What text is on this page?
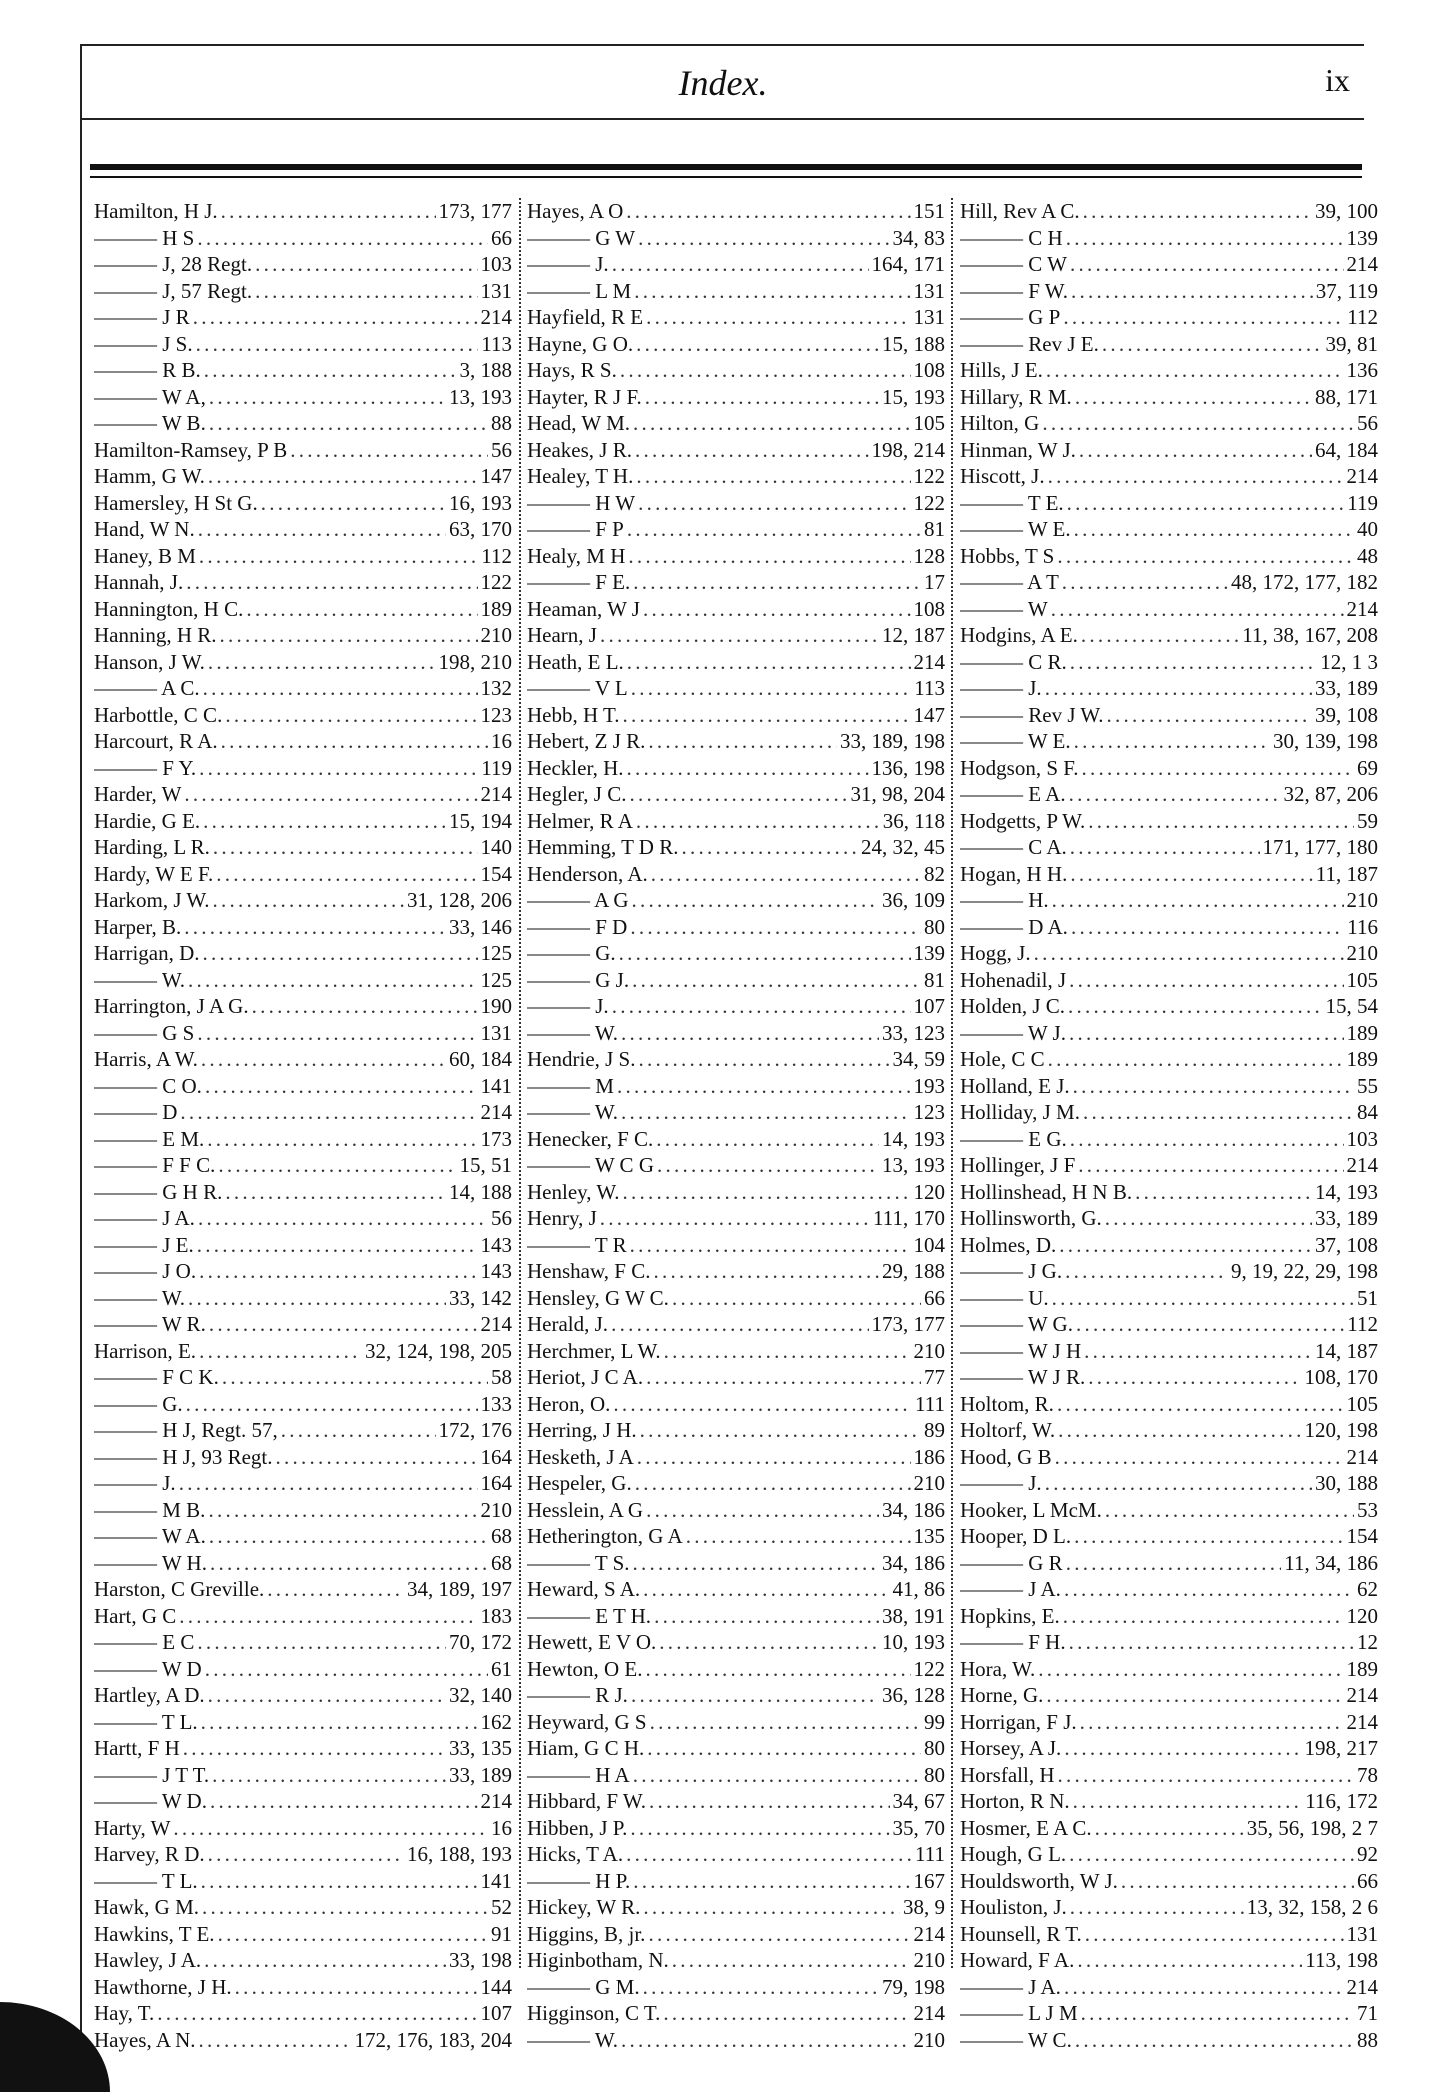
Index.	ix
Hamilton, H J. . . .	173, 177
——— H S . . .	66
——— J, 28 Regt. . . .	103
——— J, 57 Regt. . . .	131
——— J R . . .	214
——— J S. . . .	113
——— R B. . . .	3, 188
——— W A, . . .	13, 193
——— W B. . . .	88
Hamilton-Ramsey, P B . . .	56
Hamm, G W. . . .	147
Hamersley, H St G. . . .	16, 193
Hand, W N. . . .	63, 170
Haney, B M . . .	112
Hannah, J. . . .	122
Hannington, H C. . . .	189
Hanning, H R. . . .	210
Hanson, J W. . . .	198, 210
——— A C. . . .	132
Harbottle, C C. . . .	123
Harcourt, R A. . . .	16
——— F Y. . . .	119
Harder, W . . .	214
Hardie, G E. . . .	15, 194
Harding, L R. . . .	140
Hardy, W E F. . . .	154
Harkom, J W. . . .	31, 128, 206
Harper, B. . . .	33, 146
Harrigan, D. . . .	125
——— W. . . .	125
Harrington, J A G. . . .	190
——— G S . . .	131
Harris, A W. . . .	60, 184
——— C O. . . .	141
——— D . . .	214
——— E M. . . .	173
——— F F C. . . .	15, 51
——— G H R. . . .	14, 188
——— J A. . . .	56
——— J E. . . .	143
——— J O. . . .	143
——— W. . . .	33, 142
——— W R. . . .	214
Harrison, E. . . .	32, 124, 198, 205
——— F C K. . . .	58
——— G. . . .	133
——— H J, Regt. 57, . . .	172, 176
——— H J, 93 Regt. . . .	164
——— J. . . .	164
——— M B. . . .	210
——— W A. . . .	68
——— W H. . . .	68
Harston, C Greville. . . .	34, 189, 197
Hart, G C . . .	183
——— E C . . .	70, 172
——— W D . . .	61
Hartley, A D. . . .	32, 140
——— T L. . . .	162
Hartt, F H . . .	33, 135
——— J T T. . . .	33, 189
——— W D. . . .	214
Harty, W . . .	16
Harvey, R D. . . .	16, 188, 193
——— T L. . . .	141
Hawk, G M. . . .	52
Hawkins, T E. . . .	91
Hawley, J A. . . .	33, 198
Hawthorne, J H. . . .	144
Hay, T. . . .	107
Hayes, A N. . . .	172, 176, 183, 204
Hayes, A O . . .	151
——— G W . . .	34, 83
——— J. . . .	164, 171
——— L M . . .	131
Hayfield, R E . . .	131
Hayne, G O. . . .	15, 188
Hays, R S. . . .	108
Hayter, R J F. . . .	15, 193
Head, W M. . . .	105
Heakes, J R. . . .	198, 214
Healey, T H. . . .	122
——— H W . . .	122
——— F P . . .	81
Healy, M H . . .	128
——— F E. . . .	17
Heaman, W J . . .	108
Hearn, J . . .	12, 187
Heath, E L. . . .	214
——— V L . . .	113
Hebb, H T. . . .	147
Hebert, Z J R. . . .	33, 189, 198
Heckler, H. . . .	136, 198
Hegler, J C. . . .	31, 98, 204
Helmer, R A . . .	36, 118
Hemming, T D R. . . .	24, 32, 45
Henderson, A. . . .	82
——— A G . . .	36, 109
——— F D . . .	80
——— G. . . .	139
——— G J. . . .	81
——— J. . . .	107
——— W. . . .	33, 123
Hendrie, J S. . . .	34, 59
——— M . . .	193
——— W. . . .	123
Henecker, F C. . . .	14, 193
——— W C G . . .	13, 193
Henley, W. . . .	120
Henry, J . . .	111, 170
——— T R . . .	104
Henshaw, F C. . . .	29, 188
Hensley, G W C. . . .	66
Herald, J. . . .	173, 177
Herchmer, L W. . . .	210
Heriot, J C A. . . .	77
Heron, O. . . .	111
Herring, J H. . . .	89
Hesketh, J A . . .	186
Hespeler, G. . . .	210
Hesslein, A G . . .	34, 186
Hetherington, G A . . .	135
——— T S. . . .	34, 186
Heward, S A. . . .	41, 86
——— E T H. . . .	38, 191
Hewett, E V O. . . .	10, 193
Hewton, O E. . . .	122
——— R J. . . .	36, 128
Heyward, G S . . .	99
Hiam, G C H. . . .	80
——— H A . . .	80
Hibbard, F W. . . .	34, 67
Hibben, J P. . . .	35, 70
Hicks, T A. . . .	111
——— H P. . . .	167
Hickey, W R. . . .	38, 9
Higgins, B, jr. . . .	214
Higinbotham, N. . . .	210
——— G M. . . .	79, 198
Higginson, C T. . . .	214
——— W. . . .	210
Hill, Rev A C. . . .	39, 100
——— C H . . .	139
——— C W . . .	214
——— F W. . . .	37, 119
——— G P . . .	112
——— Rev J E. . . .	39, 81
Hills, J E. . . .	136
Hillary, R M. . . .	88, 171
Hilton, G . . .	56
Hinman, W J. . . .	64, 184
Hiscott, J. . . .	214
——— T E. . . .	119
——— W E. . . .	40
Hobbs, T S . . .	48
——— A T . . .	48, 172, 177, 182
——— W . . .	214
Hodgins, A E. . . .	11, 38, 167, 208
——— C R. . . .	12, 1 3
——— J. . . .	33, 189
——— Rev J W. . . .	39, 108
——— W E. . . .	30, 139, 198
Hodgson, S F. . . .	69
——— E A. . . .	32, 87, 206
Hodgetts, P W. . . .	59
——— C A. . . .	171, 177, 180
Hogan, H H. . . .	11, 187
——— H. . . .	210
——— D A. . . .	116
Hogg, J. . . .	210
Hohenadil, J . . .	105
Holden, J C. . . .	15, 54
——— W J. . . .	189
Hole, C C . . .	189
Holland, E J. . . .	55
Holliday, J M. . . .	84
——— E G. . . .	103
Hollinger, J F . . .	214
Hollinshead, H N B. . . .	14, 193
Hollinsworth, G. . . .	33, 189
Holmes, D. . . .	37, 108
——— J G. . . .	9, 19, 22, 29, 198
——— U. . . .	51
——— W G. . . .	112
——— W J H . . .	14, 187
——— W J R. . . .	108, 170
Holtom, R. . . .	105
Holtorf, W. . . .	120, 198
Hood, G B . . .	214
——— J. . . .	30, 188
Hooker, L McM. . . .	53
Hooper, D L. . . .	154
——— G R . . .	11, 34, 186
——— J A. . . .	62
Hopkins, E. . . .	120
——— F H. . . .	12
Hora, W. . . .	189
Horne, G. . . .	214
Horrigan, F J. . . .	214
Horsey, A J. . . .	198, 217
Horsfall, H . . .	78
Horton, R N. . . .	116, 172
Hosmer, E A C. . . .	35, 56, 198, 2 7
Hough, G L. . . .	92
Houldsworth, W J. . . .	66
Houliston, J. . . .	13, 32, 158, 2 6
Hounsell, R T. . . .	131
Howard, F A. . . .	113, 198
——— J A. . . .	214
——— L J M . . .	71
——— W C. . . .	88
